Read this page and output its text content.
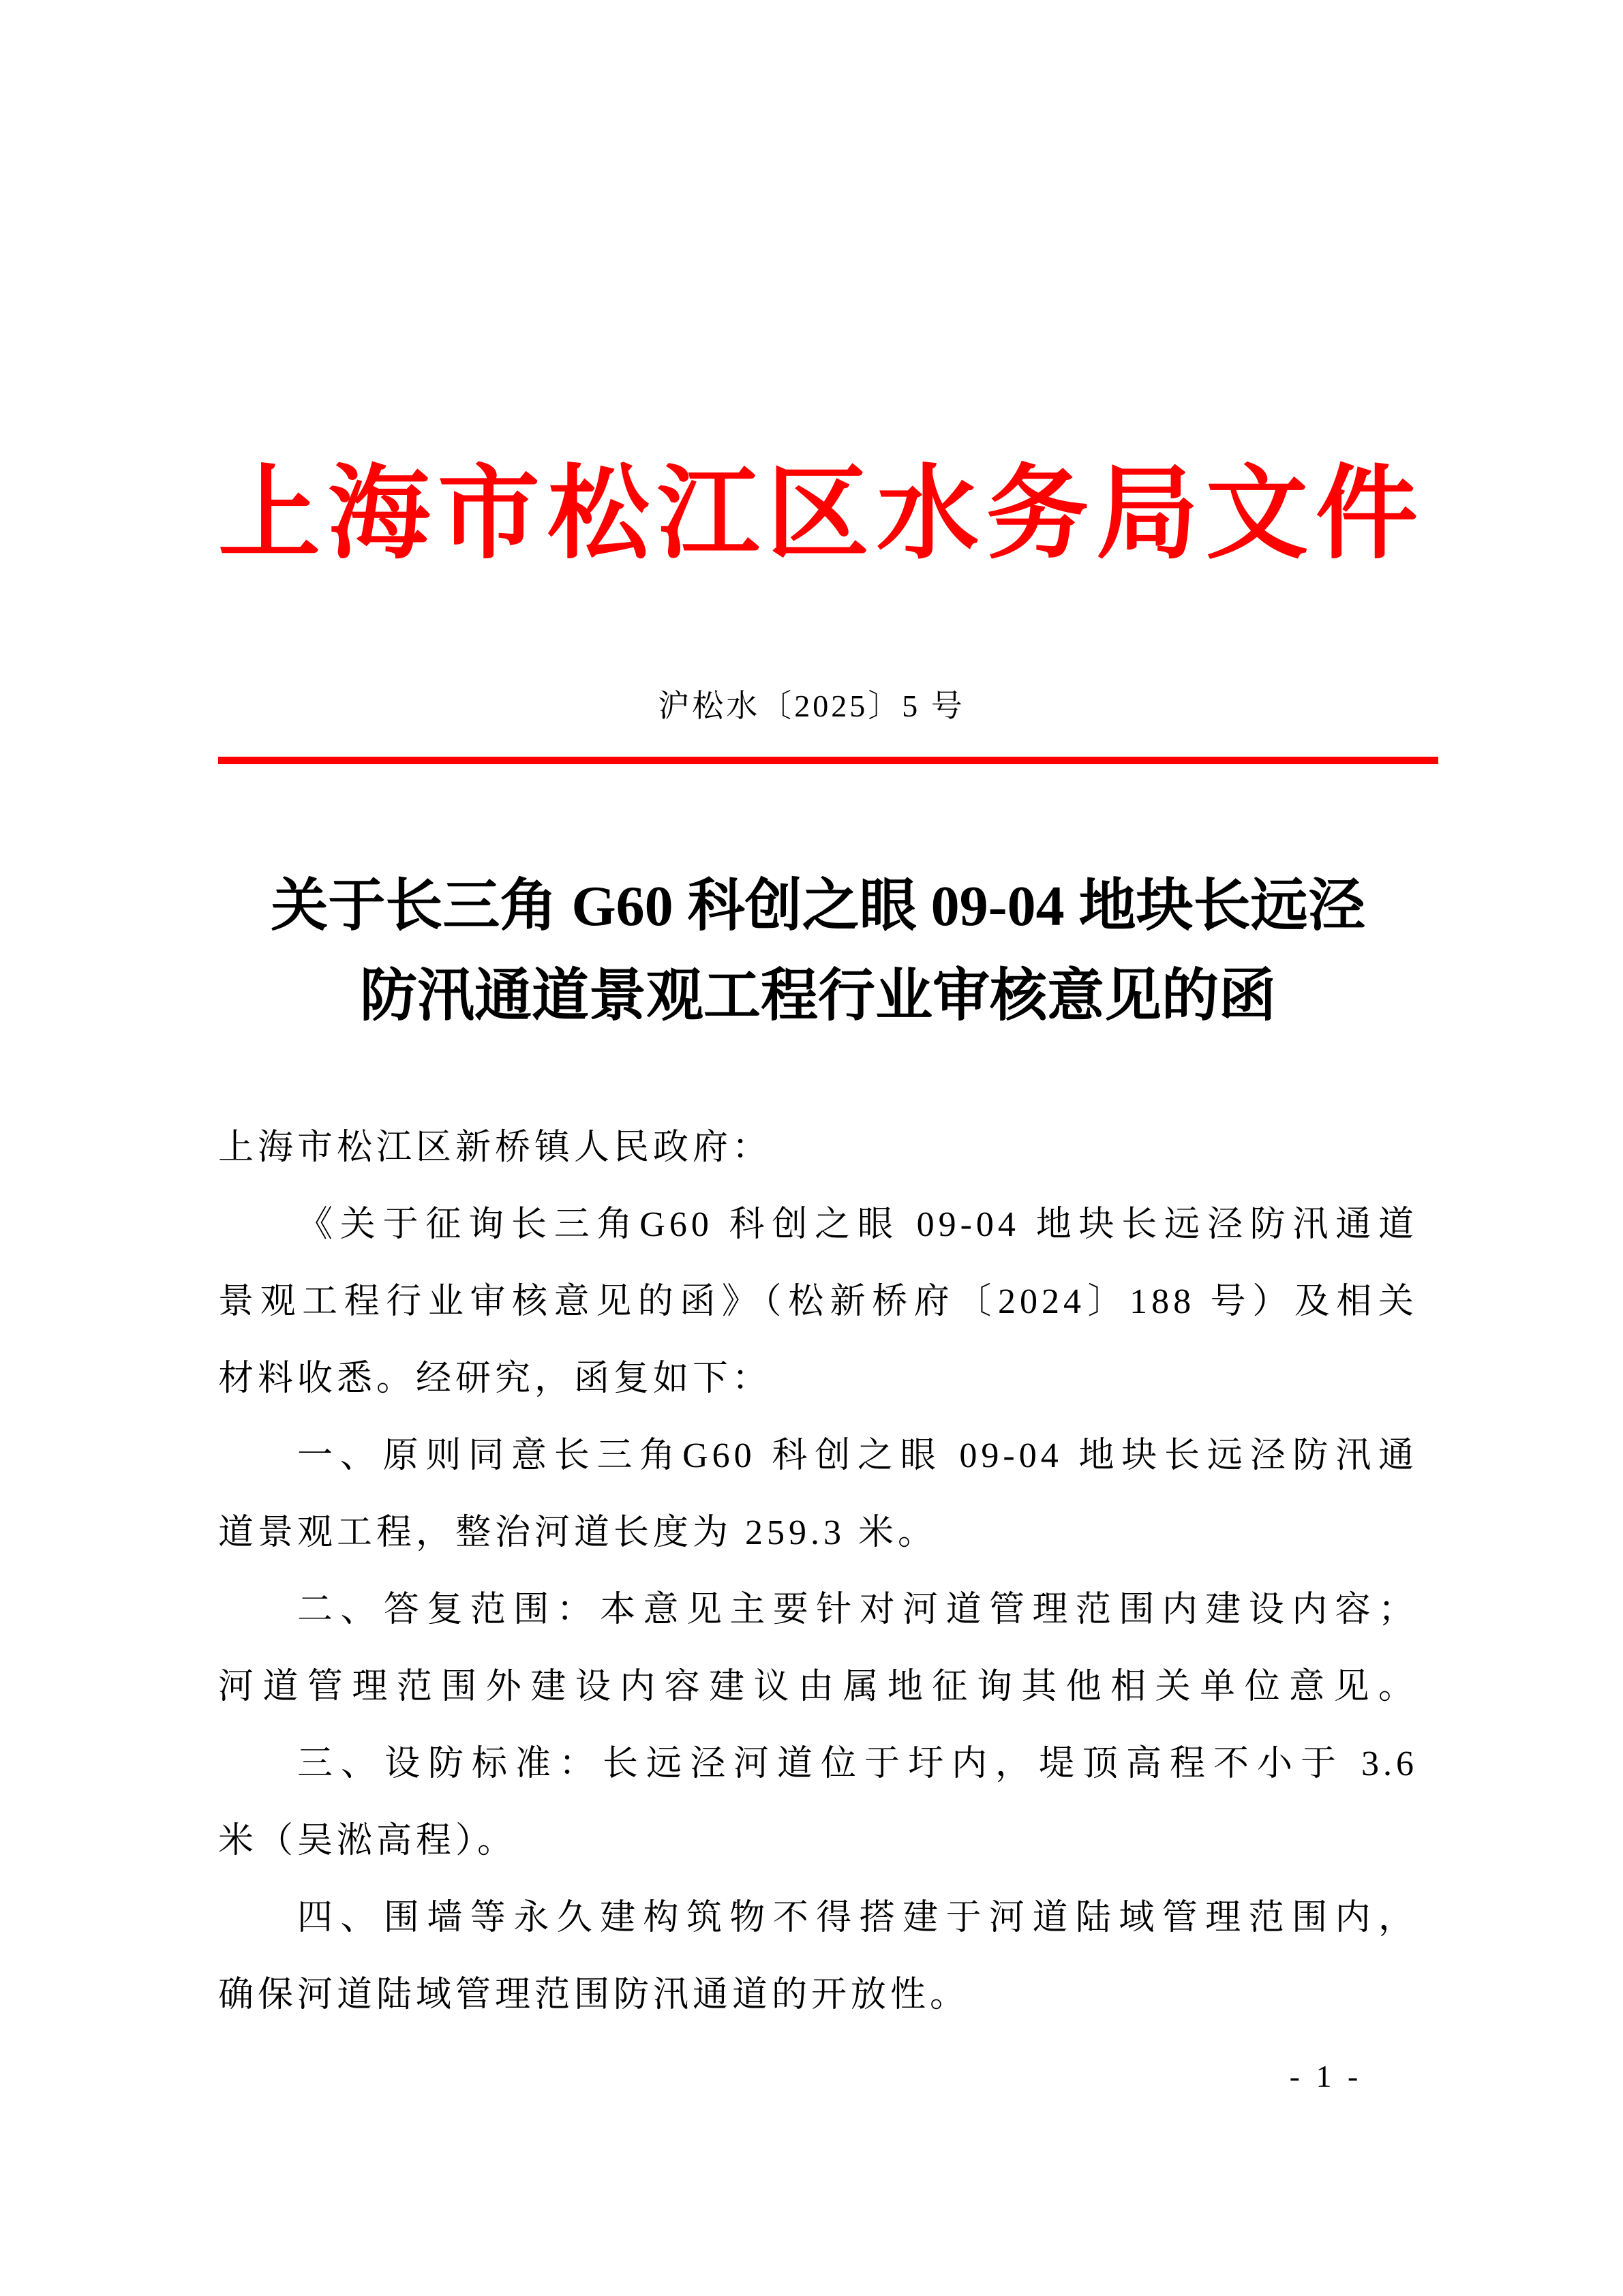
上海市松江区水务局文件
沪松水〔2025〕5 号
关于长三角 G60 科创之眼 09-04 地块长远泾
防汛通道景观工程行业审核意见的函
上海市松江区新桥镇人民政府：
《关于征询长三角G60 科创之眼 09-04 地块长远泾防汛通道
景观工程行业审核意见的函》（松新桥府〔2024〕188 号）及相关
材料收悉。经研究，函复如下：
一、原则同意长三角G60 科创之眼 09-04 地块长远泾防汛通
道景观工程，整治河道长度为 259.3 米。
二、答复范围：本意见主要针对河道管理范围内建设内容；
河道管理范围外建设内容建议由属地征询其他相关单位意见。
三、设防标准：长远泾河道位于圩内，堤顶高程不小于 3.6
米（吴淞高程）。
四、围墙等永久建构筑物不得搭建于河道陆域管理范围内，
确保河道陆域管理范围防汛通道的开放性。
- 1 -
